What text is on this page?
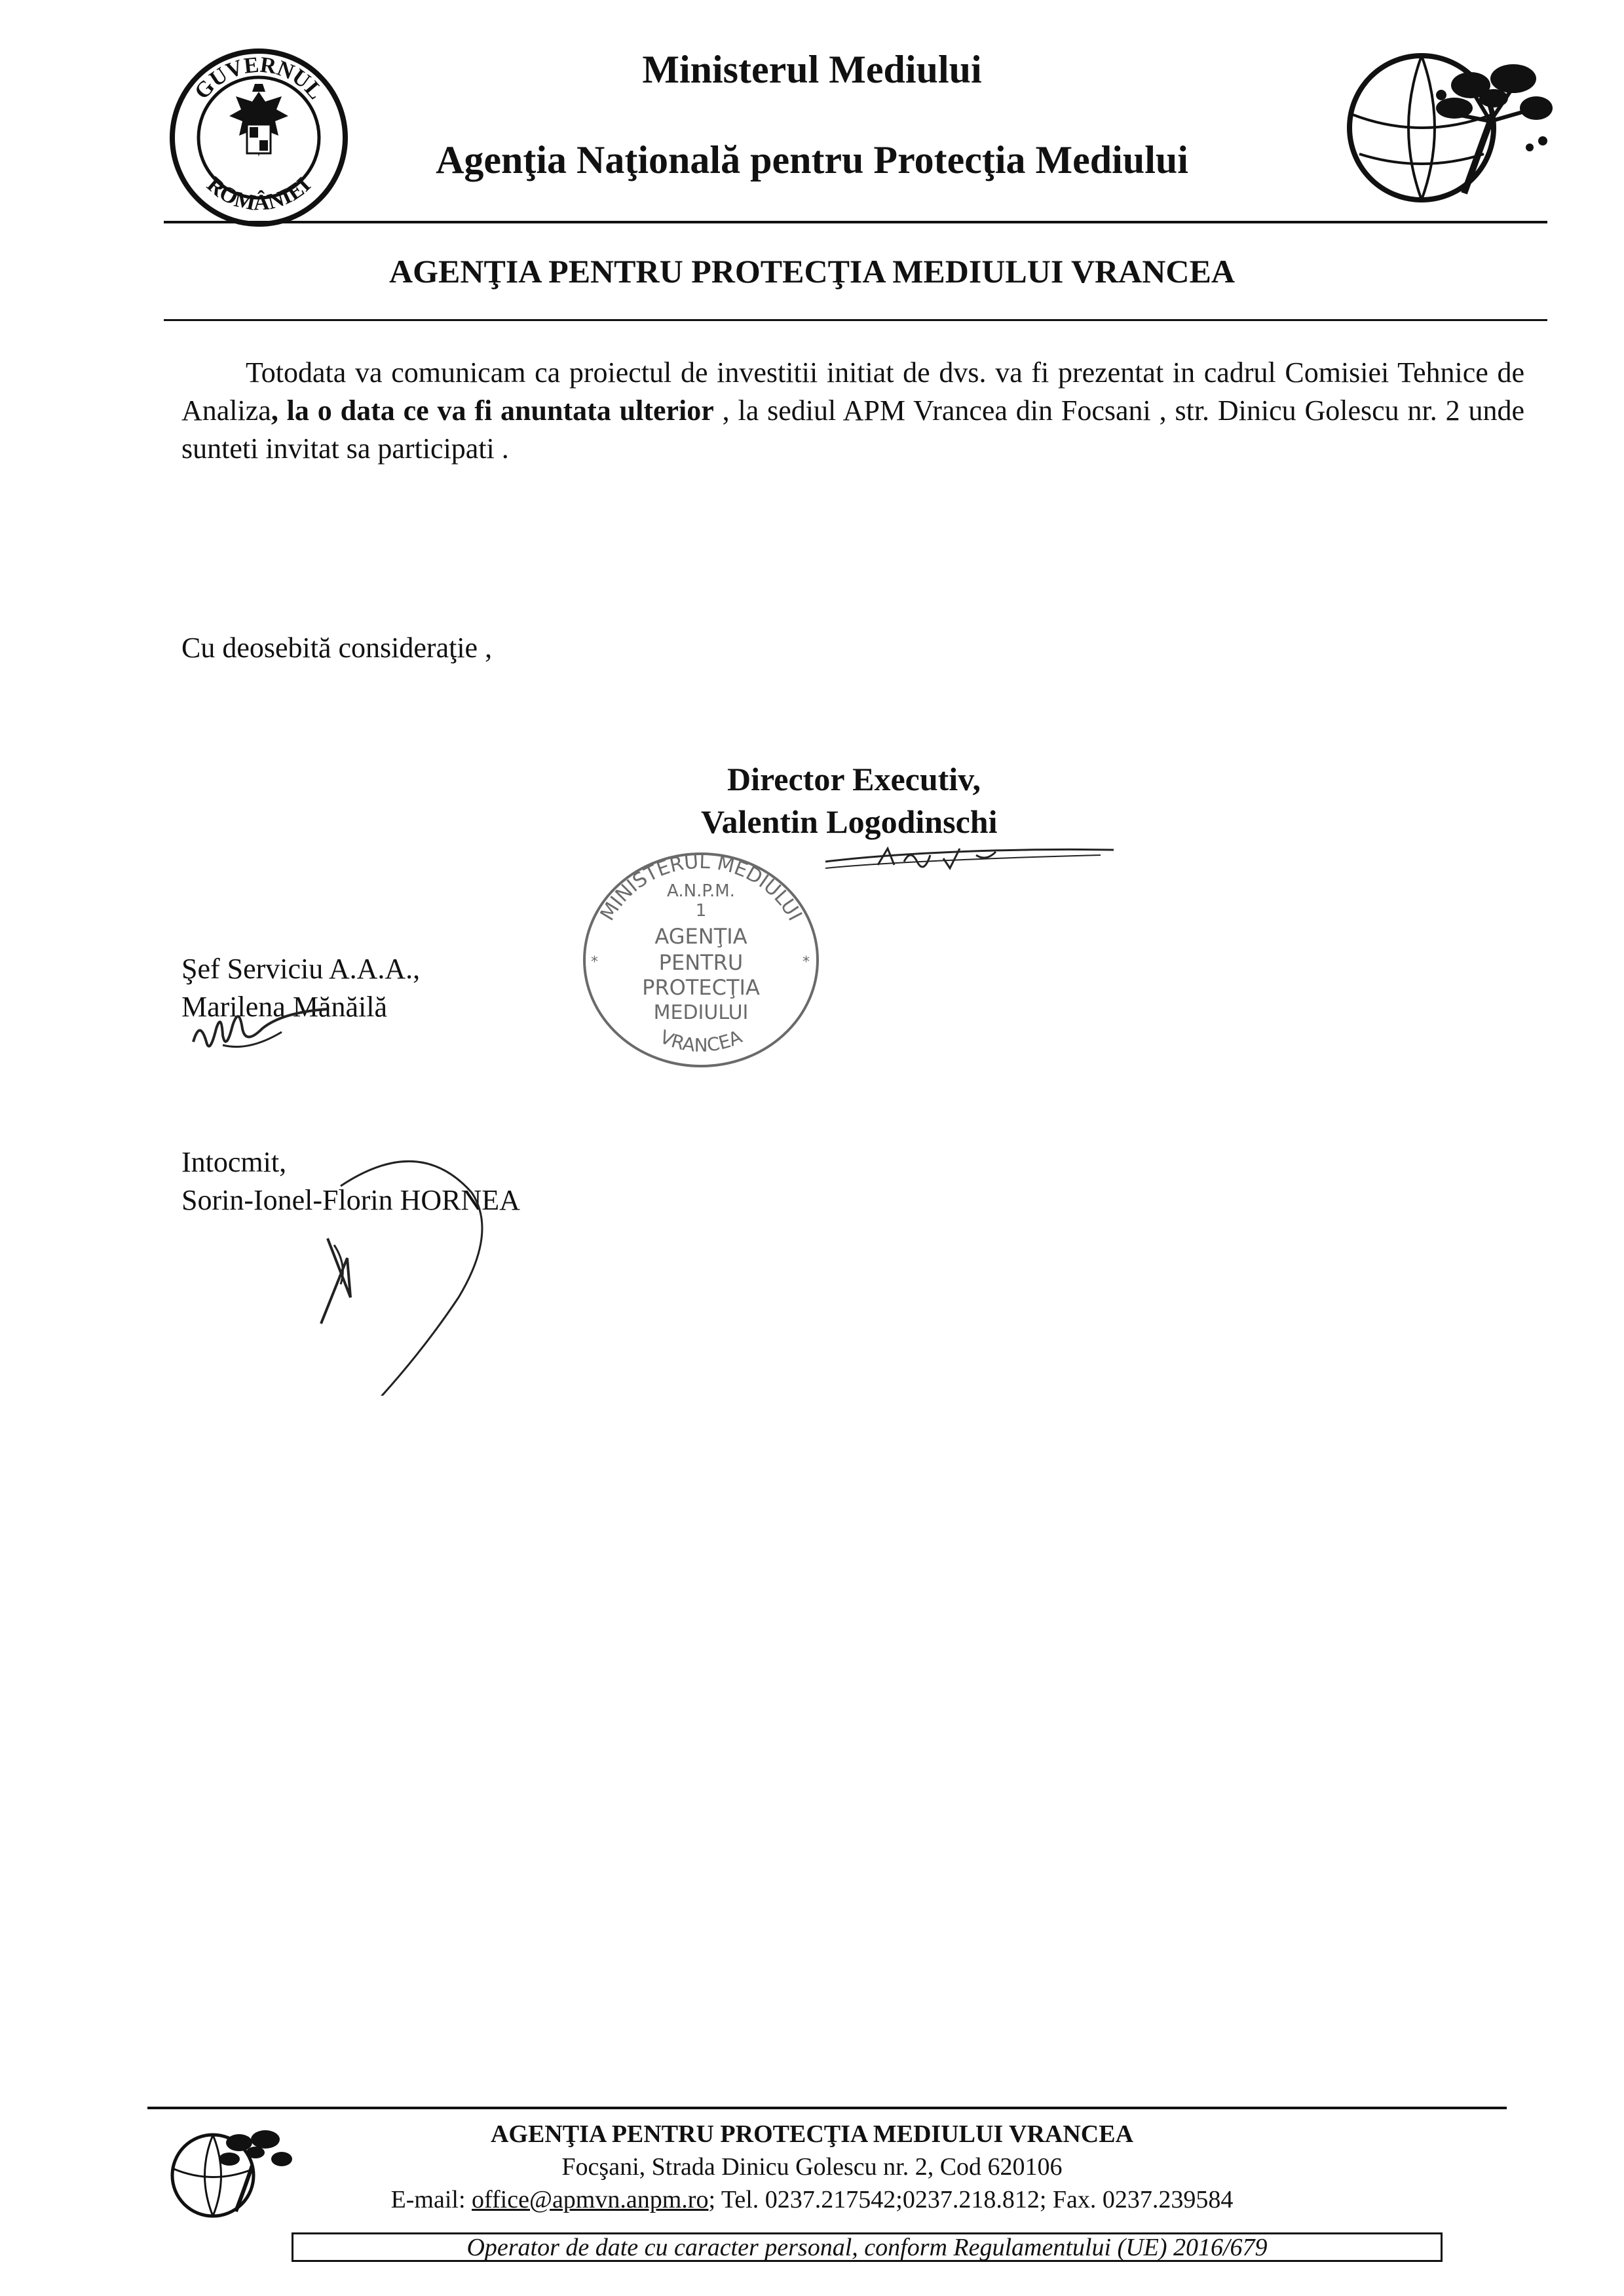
GUVERNUL
ROMÂNIEI
Ministerul Mediului
Agenţia Naţională pentru Protecţia Mediului
AGENŢIA PENTRU PROTECŢIA MEDIULUI VRANCEA
Totodata va comunicam ca proiectul de investitii initiat de dvs. va fi prezentat in cadrul Comisiei Tehnice de Analiza, la o data ce va fi anuntata ulterior , la sediul APM Vrancea din Focsani , str. Dinicu Golescu nr. 2 unde sunteti invitat sa participati .
Cu deosebită consideraţie ,
Director Executiv,
Valentin Logodinschi
MINISTERUL MEDIULUI
VRANCEA
A.N.P.M.
1
AGENŢIA
PENTRU
PROTECŢIA
MEDIULUI
*	*
Şef Serviciu A.A.A.,
Marilena Mănăilă
Intocmit,
Sorin-Ionel-Florin HORNEA
AGENŢIA PENTRU PROTECŢIA MEDIULUI VRANCEA
Focşani, Strada Dinicu Golescu nr. 2, Cod 620106
E-mail: office@apmvn.anpm.ro; Tel. 0237.217542;0237.218.812; Fax. 0237.239584
Operator de date cu caracter personal, conform Regulamentului (UE) 2016/679
